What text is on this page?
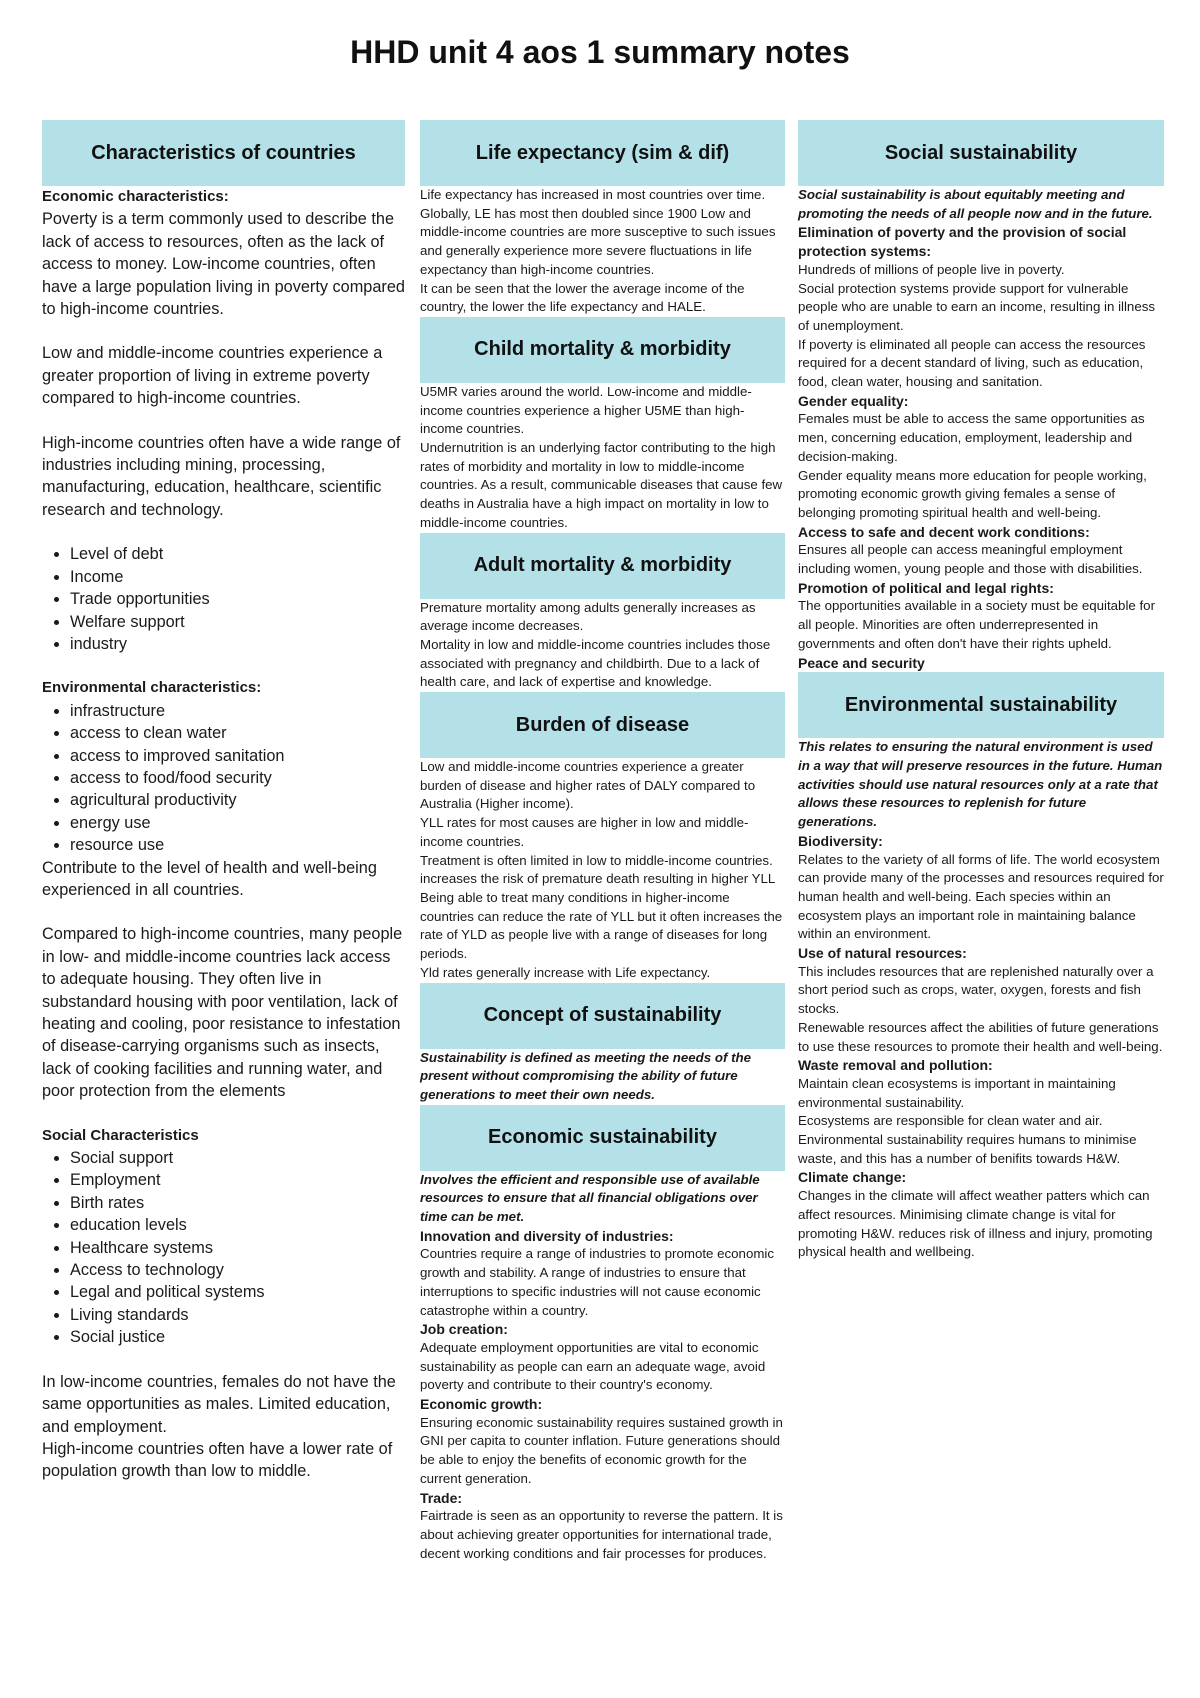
HHD unit 4 aos 1 summary notes
Characteristics of countries

Economic characteristics:

Poverty is a term commonly used to describe the lack of access to resources, often as the lack of access to money. Low-income countries, often have a large population living in poverty compared to high-income countries.

Low and middle-income countries experience a greater proportion of living in extreme poverty compared to high-income countries.

High-income countries often have a wide range of industries including mining, processing, manufacturing, education, healthcare, scientific research and technology.

• Level of debt
• Income
• Trade opportunities
• Welfare support
• industry

Environmental characteristics:

• infrastructure
• access to clean water
• access to improved sanitation
• access to food/food security
• agricultural productivity
• energy use
• resource use

Contribute to the level of health and well-being experienced in all countries.

Compared to high-income countries, many people in low- and middle-income countries lack access to adequate housing. They often live in substandard housing with poor ventilation, lack of heating and cooling, poor resistance to infestation of disease-carrying organisms such as insects, lack of cooking facilities and running water, and poor protection from the elements

Social Characteristics

• Social support
• Employment
• Birth rates
• education levels
• Healthcare systems
• Access to technology
• Legal and political systems
• Living standards
• Social justice

In low-income countries, females do not have the same opportunities as males. Limited education, and employment.

High-income countries often have a lower rate of population growth than low to middle.

Life expectancy (sim & dif)

Life expectancy has increased in most countries over time. Globally, LE has most then doubled since 1900 Low and middle-income countries are more susceptive to such issues and generally experience more severe fluctuations in life expectancy than high-income countries.

It can be seen that the lower the average income of the country, the lower the life expectancy and HALE.

Child mortality & morbidity

U5MR varies around the world. Low-income and middle-income countries experience a higher U5ME than high-income countries.

Undernutrition is an underlying factor contributing to the high rates of morbidity and mortality in low to middle-income countries. As a result, communicable diseases that cause few deaths in Australia have a high impact on mortality in low to middle-income countries.

Adult mortality & morbidity

Premature mortality among adults generally increases as average income decreases.

Mortality in low and middle-income countries includes those associated with pregnancy and childbirth. Due to a lack of health care, and lack of expertise and knowledge.

Burden of disease

Low and middle-income countries experience a greater burden of disease and higher rates of DALY compared to Australia (Higher income).

YLL rates for most causes are higher in low and middle-income countries.

Treatment is often limited in low to middle-income countries. increases the risk of premature death resulting in higher YLL

Being able to treat many conditions in higher-income countries can reduce the rate of YLL but it often increases the rate of YLD as people live with a range of diseases for long periods.

Yld rates generally increase with Life expectancy.

Concept of sustainability

Sustainability is defined as meeting the needs of the present without compromising the ability of future generations to meet their own needs.

Economic sustainability

Involves the efficient and responsible use of available resources to ensure that all financial obligations over time can be met.

Innovation and diversity of industries:

Countries require a range of industries to promote economic growth and stability. A range of industries to ensure that interruptions to specific industries will not cause economic catastrophe within a country.

Job creation:

Adequate employment opportunities are vital to economic sustainability as people can earn an adequate wage, avoid poverty and contribute to their country's economy.

Economic growth:

Ensuring economic sustainability requires sustained growth in GNI per capita to counter inflation. Future generations should be able to enjoy the benefits of economic growth for the current generation.

Trade:

Fairtrade is seen as an opportunity to reverse the pattern. It is about achieving greater opportunities for international trade, decent working conditions and fair processes for produces.

Social sustainability

Social sustainability is about equitably meeting and promoting the needs of all people now and in the future.

Elimination of poverty and the provision of social protection systems:

Hundreds of millions of people live in poverty.

Social protection systems provide support for vulnerable people who are unable to earn an income, resulting in illness of unemployment.

If poverty is eliminated all people can access the resources required for a decent standard of living, such as education, food, clean water, housing and sanitation.

Gender equality:

Females must be able to access the same opportunities as men, concerning education, employment, leadership and decision-making.

Gender equality means more education for people working, promoting economic growth giving females a sense of belonging promoting spiritual health and well-being.

Access to safe and decent work conditions:

Ensures all people can access meaningful employment including women, young people and those with disabilities.

Promotion of political and legal rights:

The opportunities available in a society must be equitable for all people. Minorities are often underrepresented in governments and often don't have their rights upheld.

Peace and security

Environmental sustainability

This relates to ensuring the natural environment is used in a way that will preserve resources in the future. Human activities should use natural resources only at a rate that allows these resources to replenish for future generations.

Biodiversity:

Relates to the variety of all forms of life. The world ecosystem can provide many of the processes and resources required for human health and well-being. Each species within an ecosystem plays an important role in maintaining balance within an environment.

Use of natural resources:

This includes resources that are replenished naturally over a short period such as crops, water, oxygen, forests and fish stocks.

Renewable resources affect the abilities of future generations to use these resources to promote their health and well-being.

Waste removal and pollution:

Maintain clean ecosystems is important in maintaining environmental sustainability.

Ecosystems are responsible for clean water and air. Environmental sustainability requires humans to minimise waste, and this has a number of benifits towards H&W.

Climate change:

Changes in the climate will affect weather patters which can affect resources. Minimising climate change is vital for promoting H&W. reduces risk of illness and injury, promoting physical health and wellbeing.
